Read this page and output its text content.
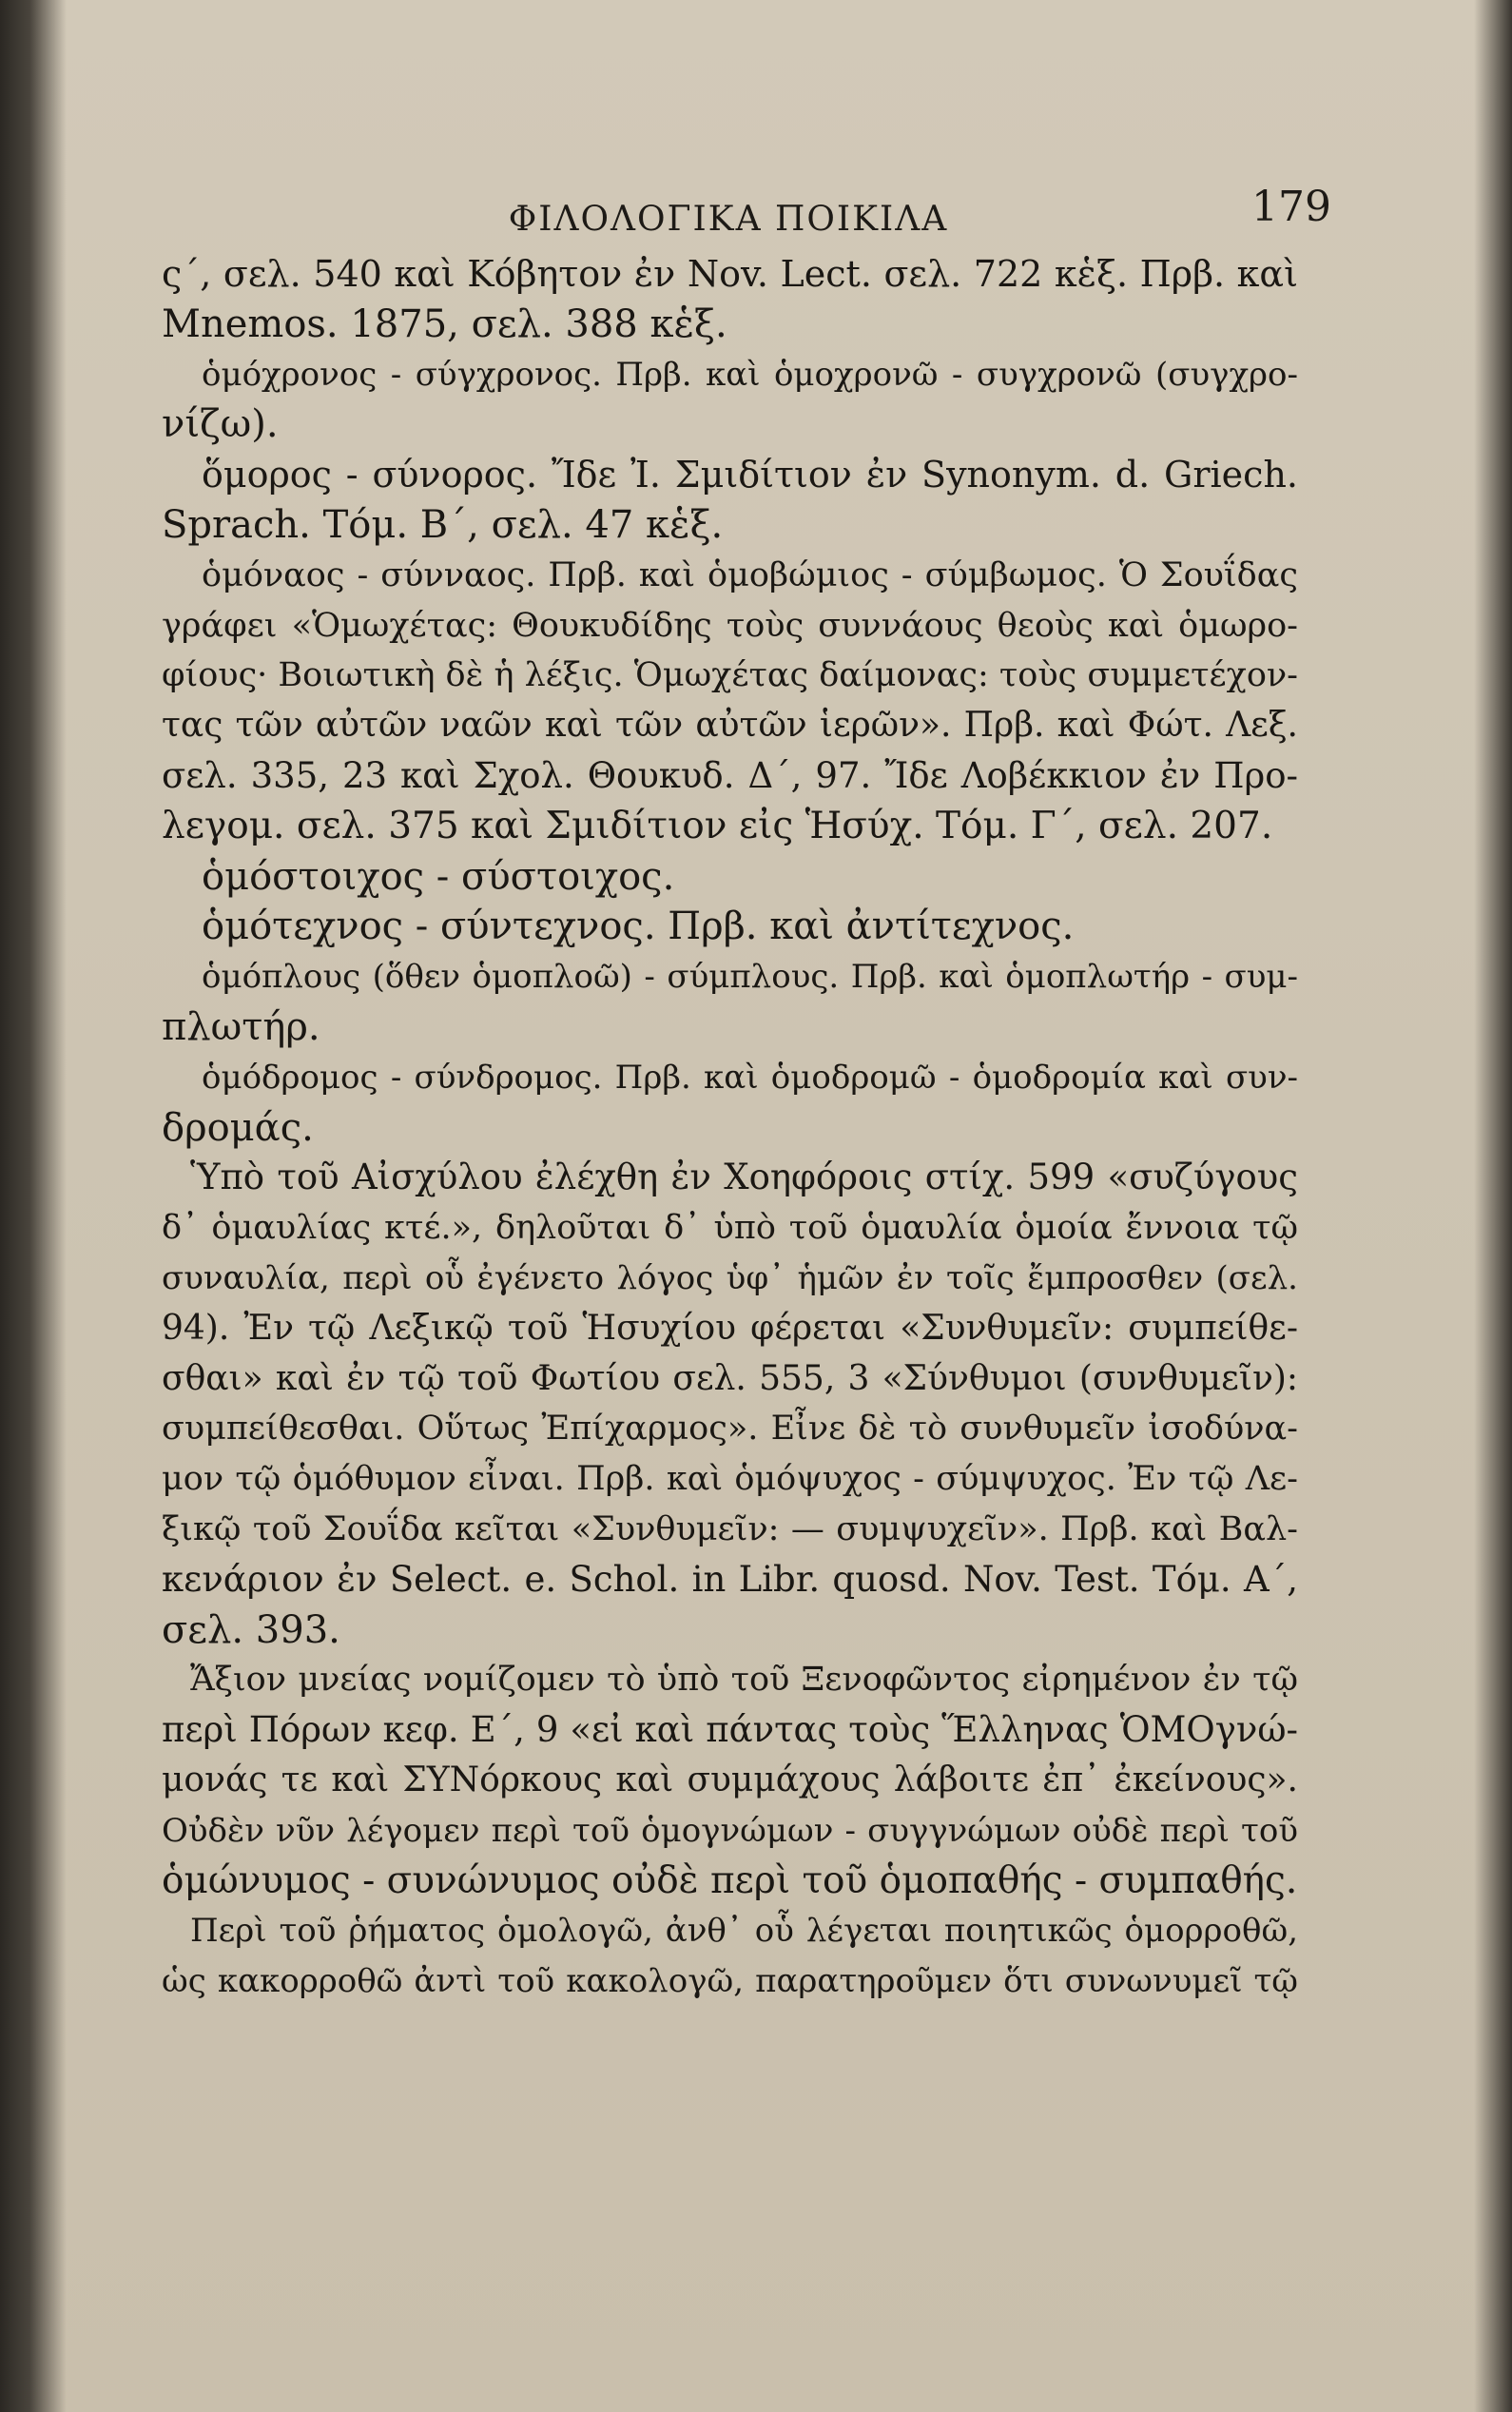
ΦΙΛΟΛΟΓΙΚΑ ΠΟΙΚΙΛΑ	179
ς΄, σελ. 540 καὶ Κόβητον ἐν Nov. Lect. σελ. 722 κἑξ. Πρβ. καὶ
Mnemos. 1875, σελ. 388 κἑξ.
ὁμόχρονος - σύγχρονος. Πρβ. καὶ ὁμοχρονῶ - συγχρονῶ (συγχρο-
νίζω).
ὅμορος - σύνορος. Ἴδε Ἰ. Σμιδίτιον ἐν Synonym. d. Griech.
Sprach. Τόμ. Β΄, σελ. 47 κἑξ.
ὁμόναος - σύνναος. Πρβ. καὶ ὁμοβώμιος - σύμβωμος. Ὁ Σουΐδας
γράφει «Ὁμωχέτας: Θουκυδίδης τοὺς συννάους θεοὺς καὶ ὁμωρο-
φίους· Βοιωτικὴ δὲ ἡ λέξις. Ὁμωχέτας δαίμονας: τοὺς συμμετέχον-
τας τῶν αὐτῶν ναῶν καὶ τῶν αὐτῶν ἱερῶν». Πρβ. καὶ Φώτ. Λεξ.
σελ. 335, 23 καὶ Σχολ. Θουκυδ. Δ΄, 97. Ἴδε Λοβέκκιον ἐν Προ-
λεγομ. σελ. 375 καὶ Σμιδίτιον εἰς Ἡσύχ. Τόμ. Γ΄, σελ. 207.
ὁμόστοιχος - σύστοιχος.
ὁμότεχνος - σύντεχνος. Πρβ. καὶ ἀντίτεχνος.
ὁμόπλους (ὅθεν ὁμοπλοῶ) - σύμπλους. Πρβ. καὶ ὁμοπλωτήρ - συμ-
πλωτήρ.
ὁμόδρομος - σύνδρομος. Πρβ. καὶ ὁμοδρομῶ - ὁμοδρομία καὶ συν-
δρομάς.
Ὑπὸ τοῦ Αἰσχύλου ἐλέχθη ἐν Χοηφόροις στίχ. 599 «συζύγους
δ᾽ ὁμαυλίας κτέ.», δηλοῦται δ᾽ ὑπὸ τοῦ ὁμαυλία ὁμοία ἔννοια τῷ
συναυλία, περὶ οὗ ἐγένετο λόγος ὑφ᾽ ἡμῶν ἐν τοῖς ἔμπροσθεν (σελ.
94). Ἐν τῷ Λεξικῷ τοῦ Ἡσυχίου φέρεται «Συνθυμεῖν: συμπείθε-
σθαι» καὶ ἐν τῷ τοῦ Φωτίου σελ. 555, 3 «Σύνθυμοι (συνθυμεῖν):
συμπείθεσθαι. Οὕτως Ἐπίχαρμος». Εἶνε δὲ τὸ συνθυμεῖν ἰσοδύνα-
μον τῷ ὁμόθυμον εἶναι. Πρβ. καὶ ὁμόψυχος - σύμψυχος. Ἐν τῷ Λε-
ξικῷ τοῦ Σουΐδα κεῖται «Συνθυμεῖν: — συμψυχεῖν». Πρβ. καὶ Βαλ-
κενάριον ἐν Select. e. Schol. in Libr. quosd. Nov. Test. Τόμ. Α΄,
σελ. 393.
Ἄξιον μνείας νομίζομεν τὸ ὑπὸ τοῦ Ξενοφῶντος εἰρημένον ἐν τῷ
περὶ Πόρων κεφ. Ε΄, 9 «εἰ καὶ πάντας τοὺς Ἕλληνας ὉΜΟγνώ-
μονάς τε καὶ ΣΥΝόρκους καὶ συμμάχους λάβοιτε ἐπ᾽ ἐκείνους».
Οὐδὲν νῦν λέγομεν περὶ τοῦ ὁμογνώμων - συγγνώμων οὐδὲ περὶ τοῦ
ὁμώνυμος - συνώνυμος οὐδὲ περὶ τοῦ ὁμοπαθής - συμπαθής.
Περὶ τοῦ ῥήματος ὁμολογῶ, ἀνθ᾽ οὗ λέγεται ποιητικῶς ὁμορροθῶ,
ὡς κακορροθῶ ἀντὶ τοῦ κακολογῶ, παρατηροῦμεν ὅτι συνωνυμεῖ τῷ
